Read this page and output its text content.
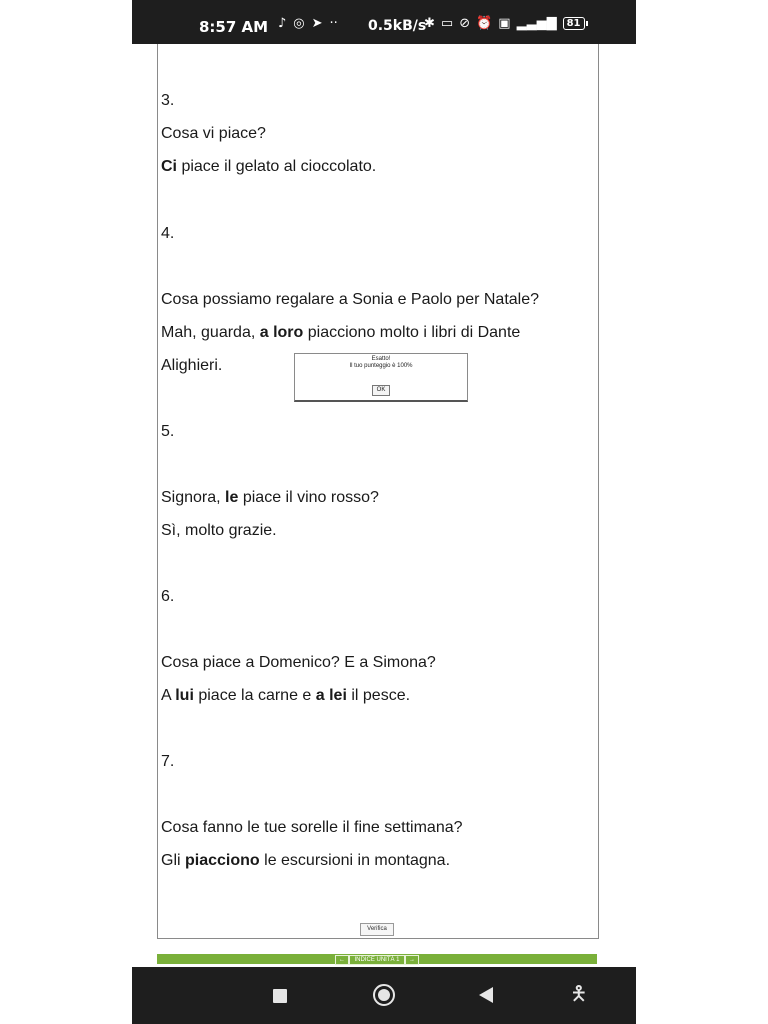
8:57 AM ♪ ◎ ➤ ·· 0.5kB/s
✱ ▭ ⊘ ⏰ ▣ ▂▃▅▇	81
3.
Cosa vi piace?
Ci piace il gelato al cioccolato.
4.
Cosa possiamo regalare a Sonia e Paolo per Natale?
Mah, guarda, a loro piacciono molto i libri di Dante
Alighieri.
5.
Signora, le piace il vino rosso?
Sì, molto grazie.
6.
Cosa piace a Domenico? E a Simona?
A lui piace la carne e a lei il pesce.
7.
Cosa fanno le tue sorelle il fine settimana?
Gli piacciono le escursioni in montagna.
🯅
Esatto!
Il tuo punteggio è 100%
OK
Verifica
←	INDICE UNITÀ 1	→
